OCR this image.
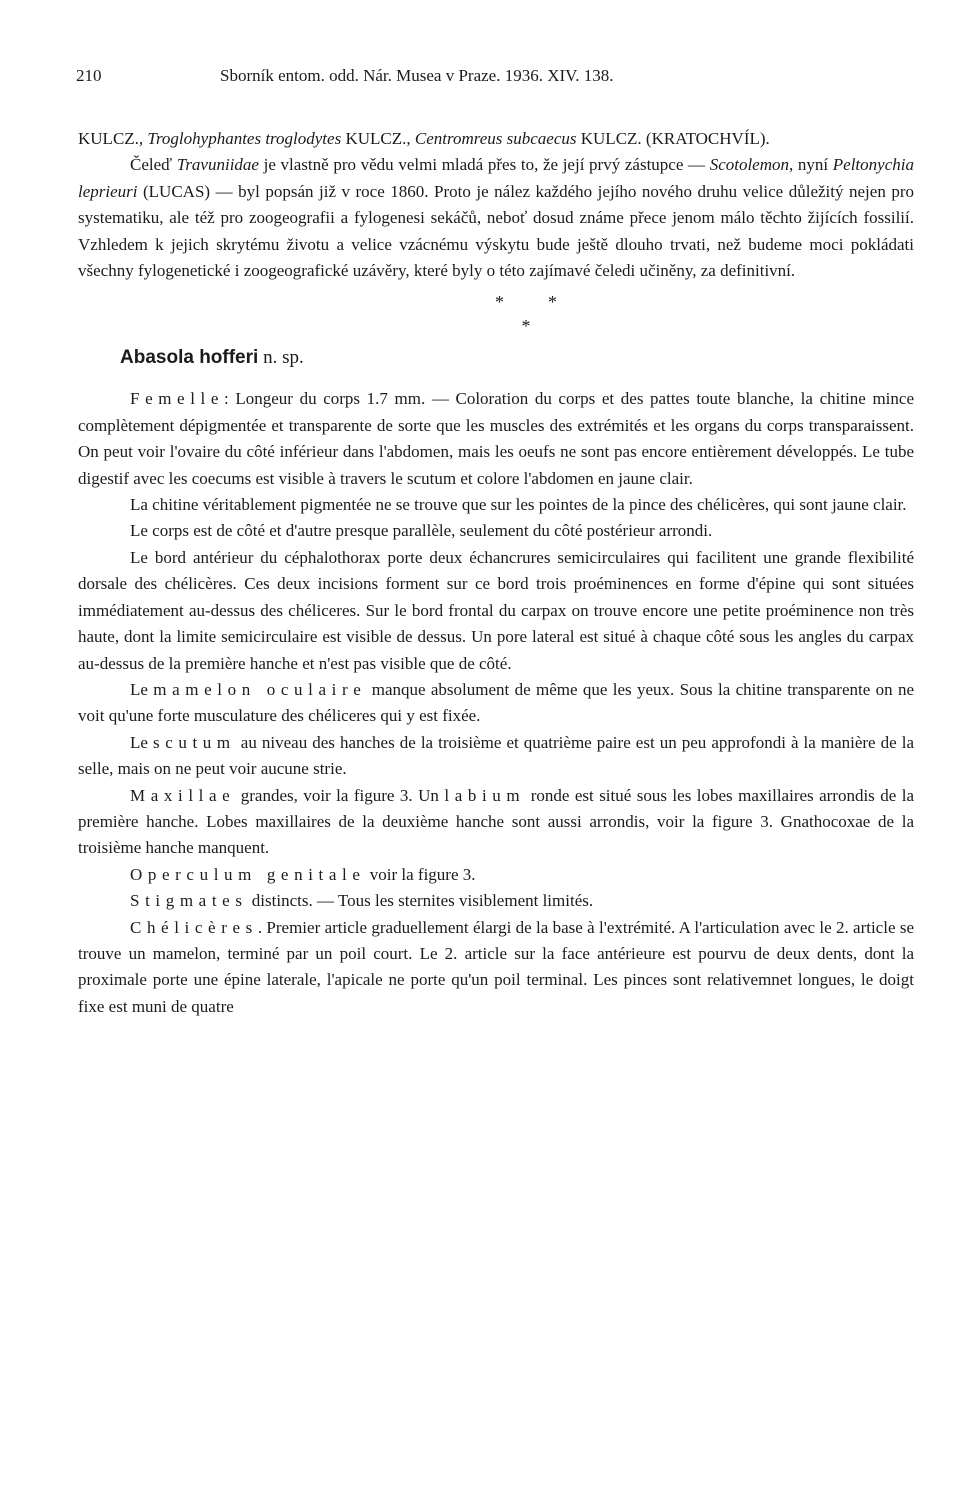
210	Sborník entom. odd. Nár. Musea v Praze. 1936. XIV. 138.

KULCZ., Troglohyphantes troglodytes KULCZ., Centromreus subcaecus KULCZ. (KRATOCHVÍL).

Čeleď Travuniidae je vlastně pro vědu velmi mladá přes to, že její prvý zástupce — Scotolemon, nyní Peltonychia leprieuri (LUCAS) — byl popsán již v roce 1860. Proto je nález každého jejího nového druhu velice důležitý nejen pro systematiku, ale též pro zoogeografii a fylogenesi sekáčů, neboť dosud známe přece jenom málo těchto žijících fossilií. Vzhledem k jejich skrytému životu a velice vzácnému výskytu bude ještě dlouho trvati, než budeme moci pokládati všechny fylogenetické i zoogeografické uzávěry, které byly o této zajímavé čeledi učiněny, za definitivní.

* *
*
Abasola hofferi n. sp.

Femelle: Longeur du corps 1.7 mm. — Coloration du corps et des pattes toute blanche, la chitine mince complètement dépigmentée et transparente de sorte que les muscles des extrémités et les organs du corps transparaissent. On peut voir l'ovaire du côté inférieur dans l'abdomen, mais les oeufs ne sont pas encore entièrement développés. Le tube digestif avec les coecums est visible à travers le scutum et colore l'abdomen en jaune clair.

La chitine véritablement pigmentée ne se trouve que sur les pointes de la pince des chélicères, qui sont jaune clair.

Le corps est de côté et d'autre presque parallèle, seulement du côté postérieur arrondi.

Le bord antérieur du céphalothorax porte deux échancrures semicirculaires qui facilitent une grande flexibilité dorsale des chélicères. Ces deux incisions forment sur ce bord trois proéminences en forme d'épine qui sont situées immédiatement au-dessus des chéliceres. Sur le bord frontal du carpax on trouve encore une petite proéminence non très haute, dont la limite semicirculaire est visible de dessus. Un pore lateral est situé à chaque côté sous les angles du carpax au-dessus de la première hanche et n'est pas visible que de côté.

Le mamelon oculaire manque absolument de même que les yeux. Sous la chitine transparente on ne voit qu'une forte musculature des chéliceres qui y est fixée.

Le scutum au niveau des hanches de la troisième et quatrième paire est un peu approfondi à la manière de la selle, mais on ne peut voir aucune strie.

Maxillae grandes, voir la figure 3. Un labium ronde est situé sous les lobes maxillaires arrondis de la première hanche. Lobes maxillaires de la deuxième hanche sont aussi arrondis, voir la figure 3. Gnathocoxae de la troisième hanche manquent.

Operculum genitale voir la figure 3.

Stigmates distincts. — Tous les sternites visiblement limités.

Chélicères. Premier article graduellement élargi de la base à l'extrémité. A l'articulation avec le 2. article se trouve un mamelon, terminé par un poil court. Le 2. article sur la face antérieure est pourvu de deux dents, dont la proximale porte une épine laterale, l'apicale ne porte qu'un poil terminal. Les pinces sont relativemnet longues, le doigt fixe est muni de quatre
